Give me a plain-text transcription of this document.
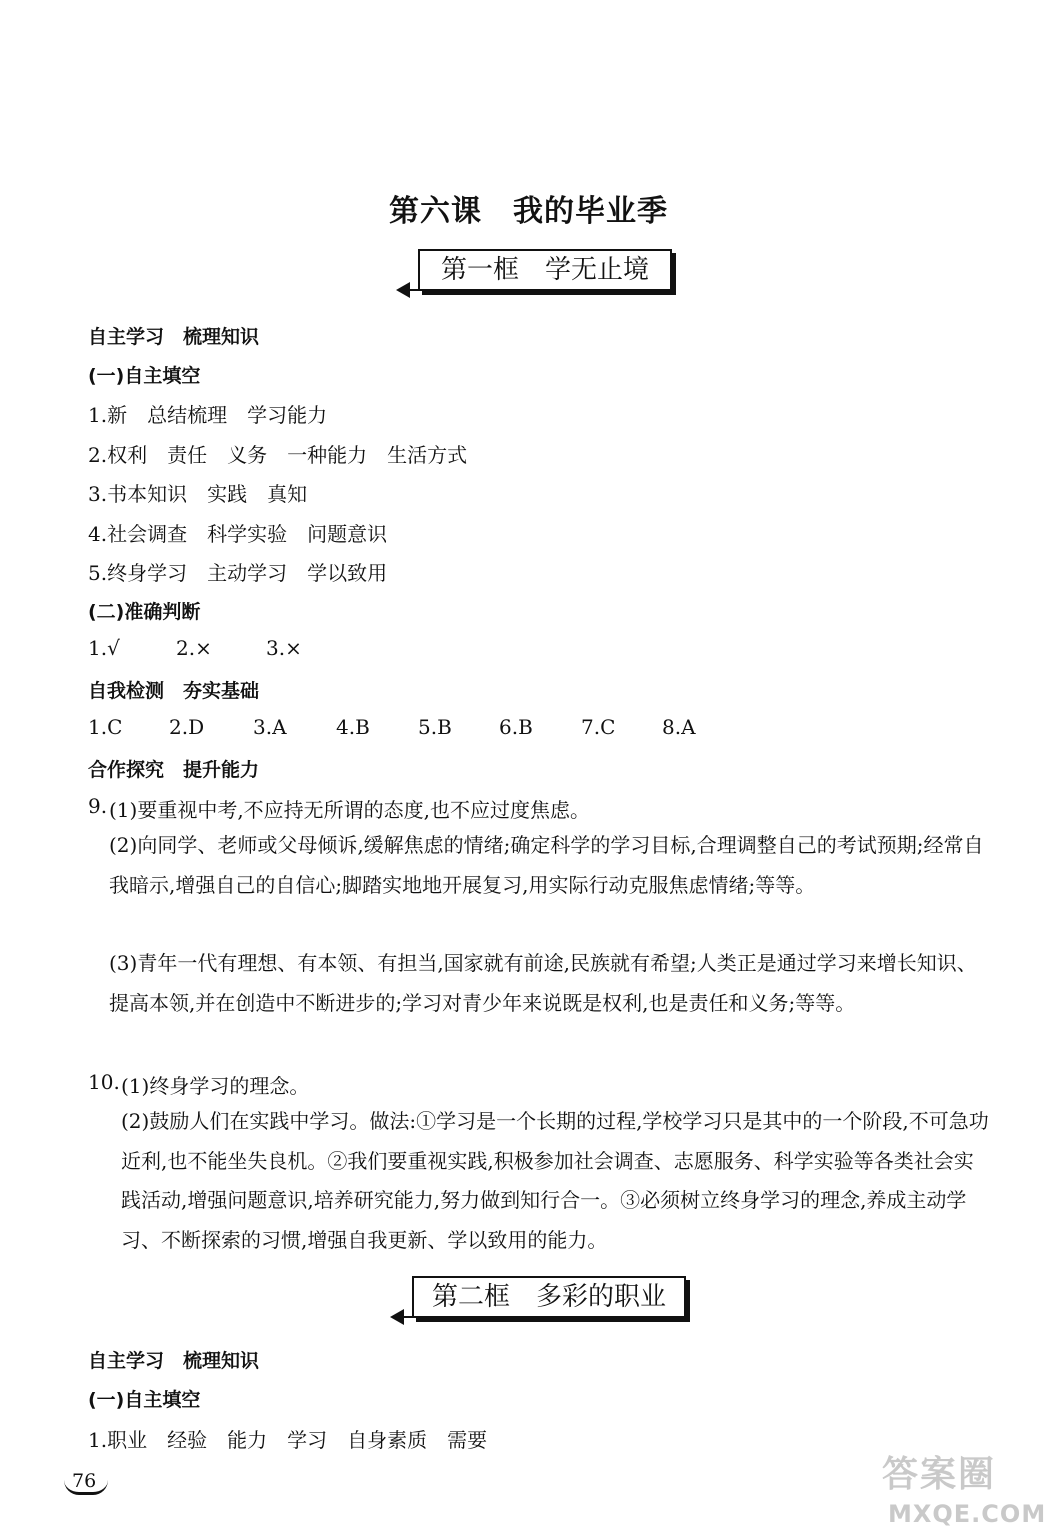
第六课　我的毕业季
第一框　学无止境
自主学习　梳理知识
(一)自主填空
1.新　总结梳理　学习能力
2.权利　责任　义务　一种能力　生活方式
3.书本知识　实践　真知
4.社会调查　科学实验　问题意识
5.终身学习　主动学习　学以致用
(二)准确判断
1.√	2.×	3.×
自我检测　夯实基础
1.C 2.D 3.A 4.B 5.B 6.B 7.C 8.A
合作探究　提升能力
9. (1)要重视中考,不应持无所谓的态度,也不应过度焦虑。

(2)向同学、老师或父母倾诉,缓解焦虑的情绪;确定科学的学习目标,合理调整自己的考试预期;经常自我暗示,增强自己的自信心;脚踏实地地开展复习,用实际行动克服焦虑情绪;等等。

(3)青年一代有理想、有本领、有担当,国家就有前途,民族就有希望;人类正是通过学习来增长知识、提高本领,并在创造中不断进步的;学习对青少年来说既是权利,也是责任和义务;等等。

10. (1)终身学习的理念。

(2)鼓励人们在实践中学习。做法:①学习是一个长期的过程,学校学习只是其中的一个阶段,不可急功近利,也不能坐失良机。②我们要重视实践,积极参加社会调查、志愿服务、科学实验等各类社会实践活动,增强问题意识,培养研究能力,努力做到知行合一。③必须树立终身学习的理念,养成主动学习、不断探索的习惯,增强自我更新、学以致用的能力。

第二框　多彩的职业
自主学习　梳理知识
(一)自主填空
1.职业　经验　能力　学习　自身素质　需要
76	答案圈
MXQE.COM
